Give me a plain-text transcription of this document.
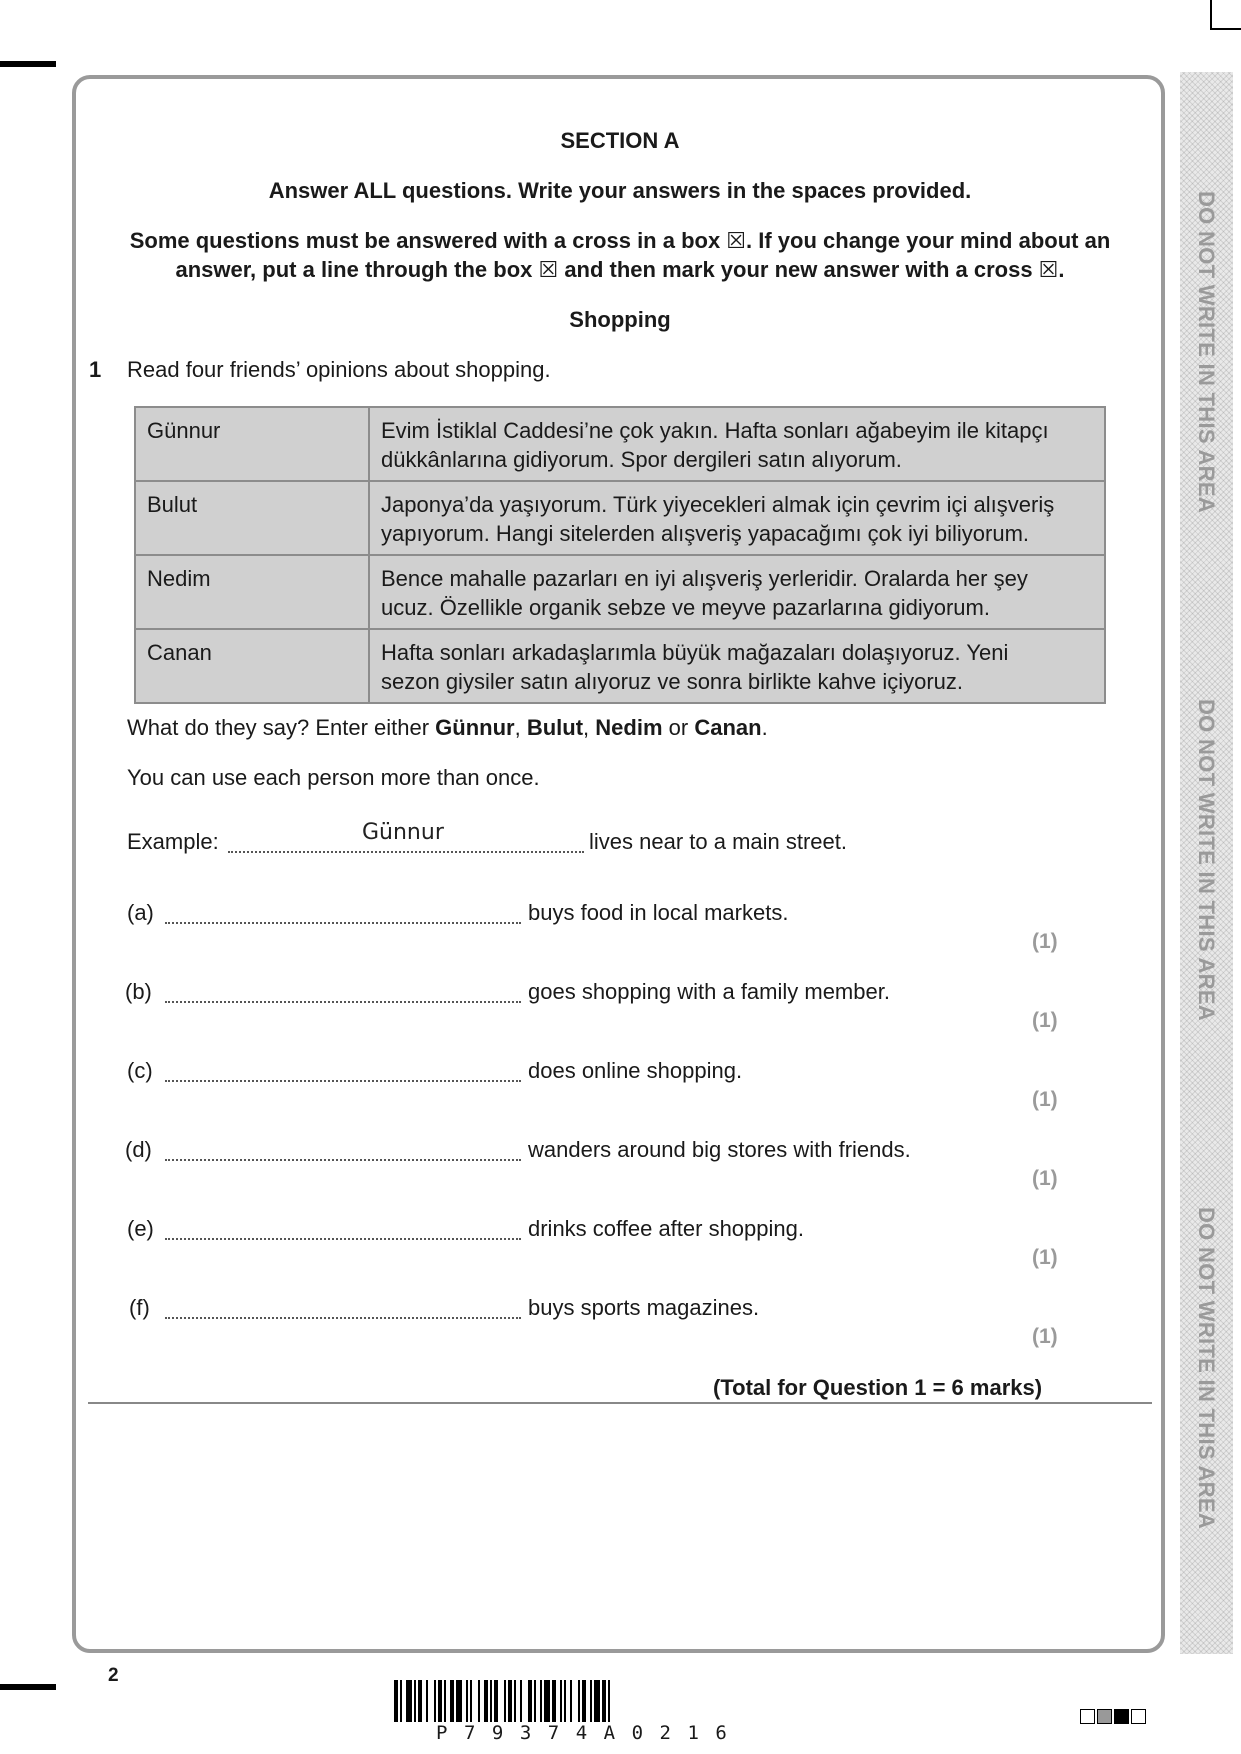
DO NOT WRITE IN THIS AREA
DO NOT WRITE IN THIS AREA
DO NOT WRITE IN THIS AREA
SECTION A
Answer ALL questions. Write your answers in the spaces provided.
Some questions must be answered with a cross in a box ☒. If you change your mind about an
answer, put a line through the box ☒ and then mark your new answer with a cross ☒.
Shopping
1 Read four friends’ opinions about shopping.
Günnur	Evim İstiklal Caddesi’ne çok yakın. Hafta sonları ağabeyim ile kitapçı
dükkânlarına gidiyorum. Spor dergileri satın alıyorum.
Bulut	Japonya’da yaşıyorum. Türk yiyecekleri almak için çevrim içi alışveriş
yapıyorum. Hangi sitelerden alışveriş yapacağımı çok iyi biliyorum.
Nedim	Bence mahalle pazarları en iyi alışveriş yerleridir. Oralarda her şey
ucuz. Özellikle organik sebze ve meyve pazarlarına gidiyorum.
Canan	Hafta sonları arkadaşlarımla büyük mağazaları dolaşıyoruz. Yeni
sezon giysiler satın alıyoruz ve sonra birlikte kahve içiyoruz.
What do they say? Enter either Günnur, Bulut, Nedim or Canan.
You can use each person more than once.
Example:	Günnur	lives near to a main street.
(a)	buys food in local markets.
(1)
(b)	goes shopping with a family member.
(1)
(c)	does online shopping.
(1)
(d)	wanders around big stores with friends.
(1)
(e)	drinks coffee after shopping.
(1)
(f)	buys sports magazines.
(1)
(Total for Question 1 = 6 marks)
2
P79374A0216
